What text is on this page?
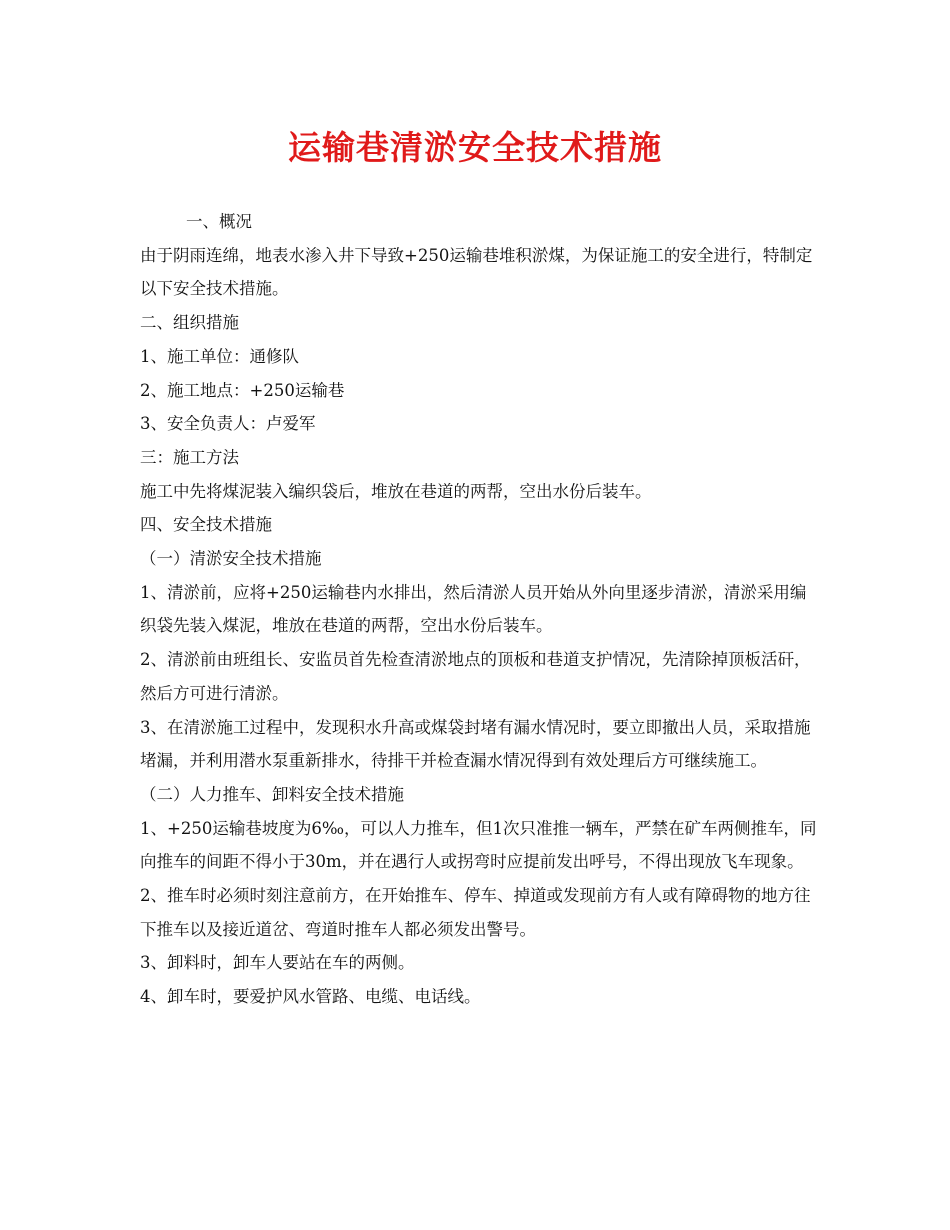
运输巷清淤安全技术措施

一、概况

由于阴雨连绵，地表水渗入井下导致+250运输巷堆积淤煤，为保证施工的安全进行，特制定以下安全技术措施。

二、组织措施

1、施工单位：通修队

2、施工地点：+250运输巷

3、安全负责人：卢爱军

三：施工方法

施工中先将煤泥装入编织袋后，堆放在巷道的两帮，空出水份后装车。

四、安全技术措施

（一）清淤安全技术措施

1、清淤前，应将+250运输巷内水排出，然后清淤人员开始从外向里逐步清淤，清淤采用编织袋先装入煤泥，堆放在巷道的两帮，空出水份后装车。

2、清淤前由班组长、安监员首先检查清淤地点的顶板和巷道支护情况，先清除掉顶板活矸，然后方可进行清淤。

3、在清淤施工过程中，发现积水升高或煤袋封堵有漏水情况时，要立即撤出人员，采取措施堵漏，并利用潜水泵重新排水，待排干并检查漏水情况得到有效处理后方可继续施工。

（二）人力推车、卸料安全技术措施

1、+250运输巷坡度为6‰，可以人力推车，但1次只准推一辆车，严禁在矿车两侧推车，同向推车的间距不得小于30m，并在遇行人或拐弯时应提前发出呼号，不得出现放飞车现象。

2、推车时必须时刻注意前方，在开始推车、停车、掉道或发现前方有人或有障碍物的地方往下推车以及接近道岔、弯道时推车人都必须发出警号。

3、卸料时，卸车人要站在车的两侧。

4、卸车时，要爱护风水管路、电缆、电话线。
